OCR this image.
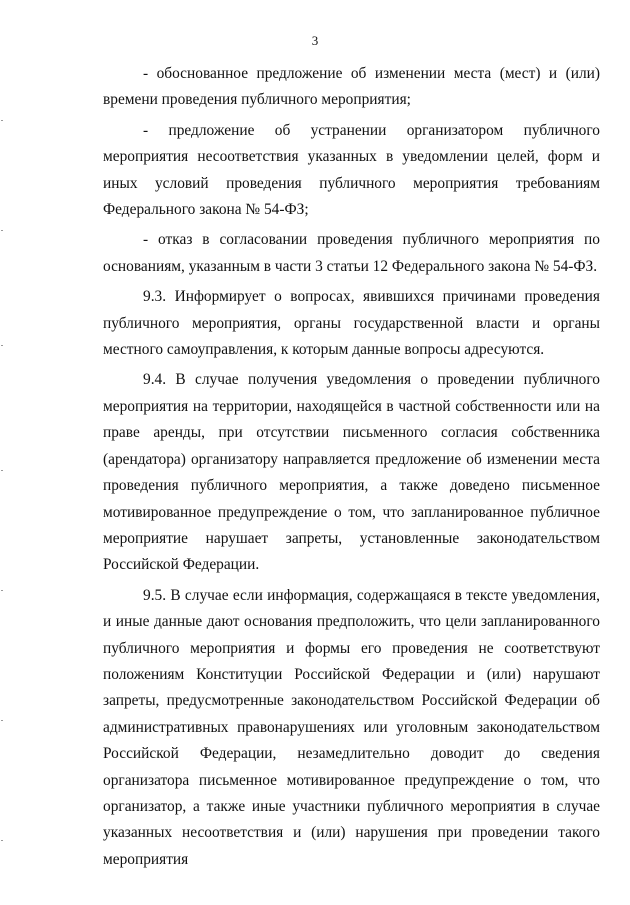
3

- обоснованное предложение об изменении места (мест) и (или) времени проведения публичного мероприятия;

- предложение об устранении организатором публичного мероприятия несоответствия указанных в уведомлении целей, форм и иных условий проведения публичного мероприятия требованиям Федерального закона № 54-ФЗ;

- отказ в согласовании проведения публичного мероприятия по основаниям, указанным в части 3 статьи 12 Федерального закона № 54-ФЗ.

9.3. Информирует о вопросах, явившихся причинами проведения публичного мероприятия, органы государственной власти и органы местного самоуправления, к которым данные вопросы адресуются.

9.4. В случае получения уведомления о проведении публичного мероприятия на территории, находящейся в частной собственности или на праве аренды, при отсутствии письменного согласия собственника (арендатора) организатору направляется предложение об изменении места проведения публичного мероприятия, а также доведено письменное мотивированное предупреждение о том, что запланированное публичное мероприятие нарушает запреты, установленные законодательством Российской Федерации.

9.5. В случае если информация, содержащаяся в тексте уведомления, и иные данные дают основания предположить, что цели запланированного публичного мероприятия и формы его проведения не соответствуют положениям Конституции Российской Федерации и (или) нарушают запреты, предусмотренные законодательством Российской Федерации об административных правонарушениях или уголовным законодательством Российской Федерации, незамедлительно доводит до сведения организатора письменное мотивированное предупреждение о том, что организатор, а также иные участники публичного мероприятия в случае указанных несоответствия и (или) нарушения при проведении такого мероприятия
